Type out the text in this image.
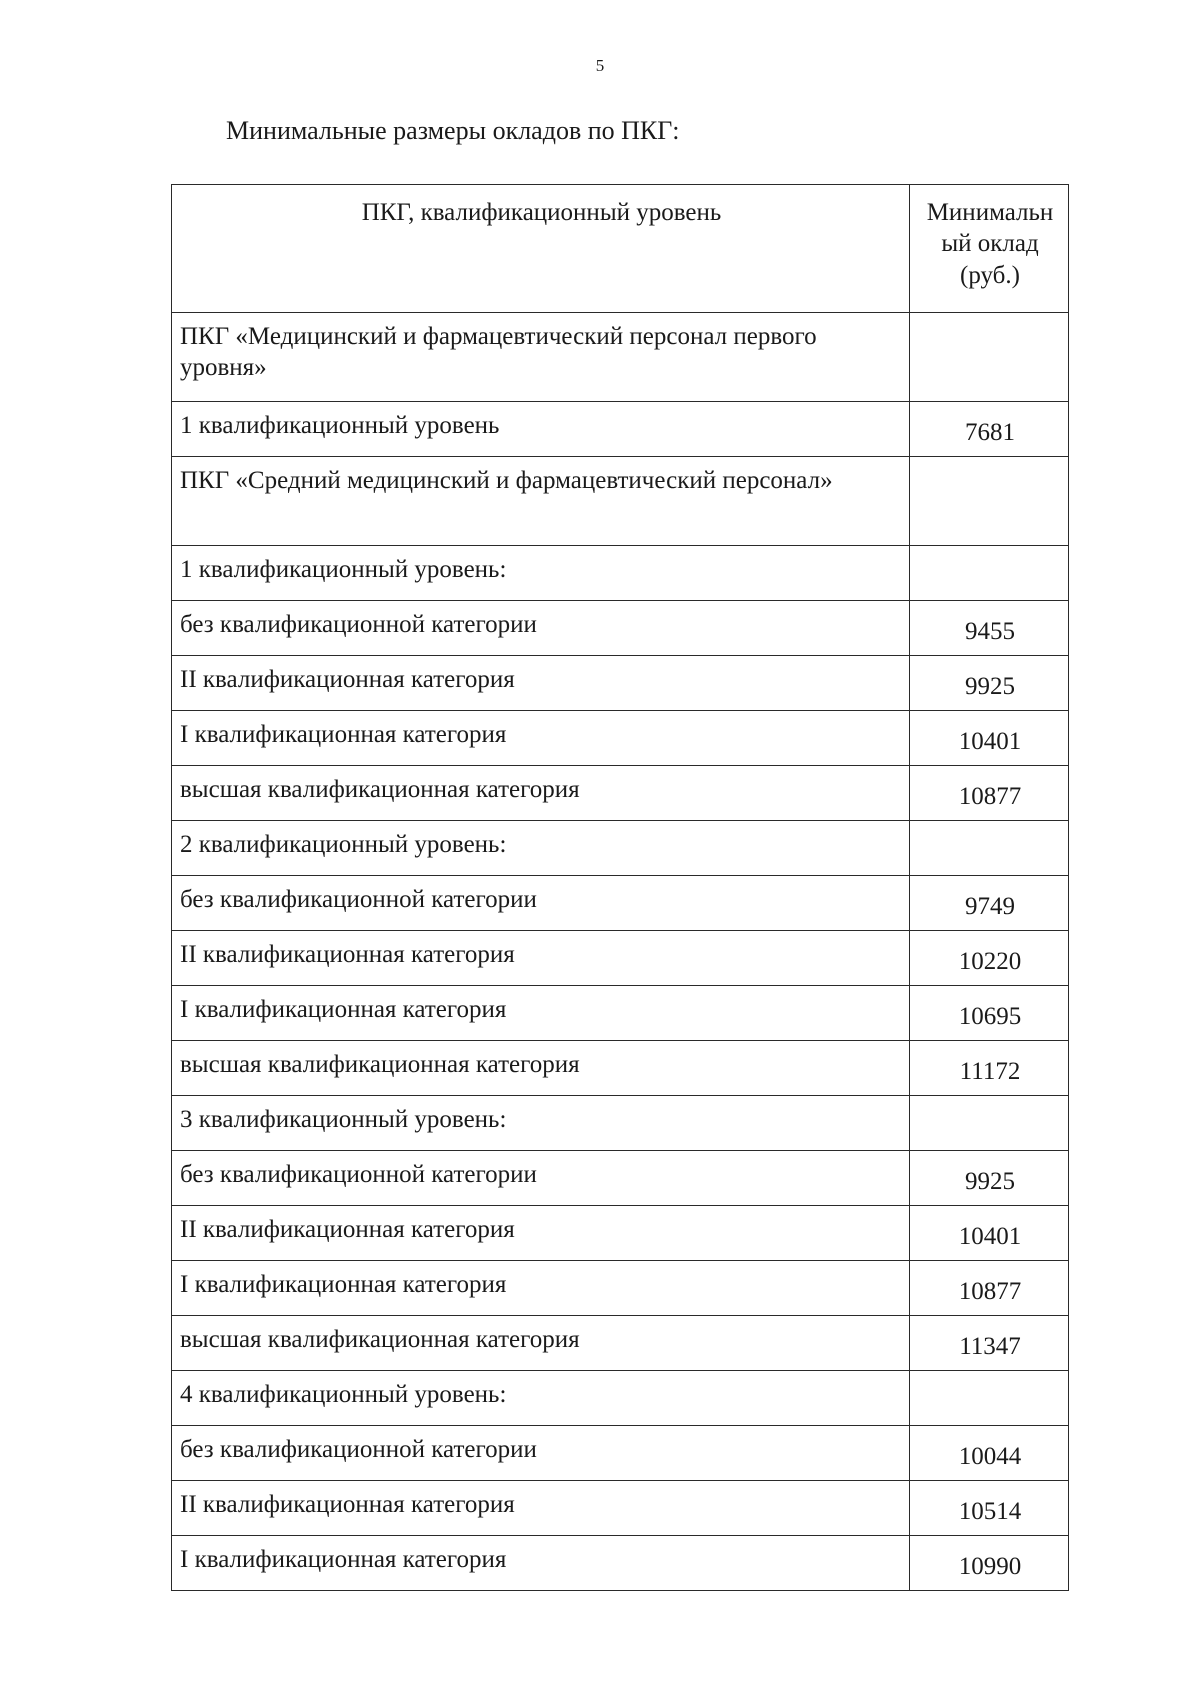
5
Минимальные размеры окладов по ПКГ:
ПКГ, квалификационный уровень	Минимальн ый оклад (руб.)
ПКГ «Медицинский и фармацевтический персонал первого уровня»	
1 квалификационный уровень	7681
ПКГ «Средний медицинский и фармацевтический персонал»	
1 квалификационный уровень:	
без квалификационной категории	9455
II квалификационная категория	9925
I квалификационная категория	10401
высшая квалификационная категория	10877
2 квалификационный уровень:	
без квалификационной категории	9749
II квалификационная категория	10220
I квалификационная категория	10695
высшая квалификационная категория	11172
3 квалификационный уровень:	
без квалификационной категории	9925
II квалификационная категория	10401
I квалификационная категория	10877
высшая квалификационная категория	11347
4 квалификационный уровень:	
без квалификационной категории	10044
II квалификационная категория	10514
I квалификационная категория	10990
